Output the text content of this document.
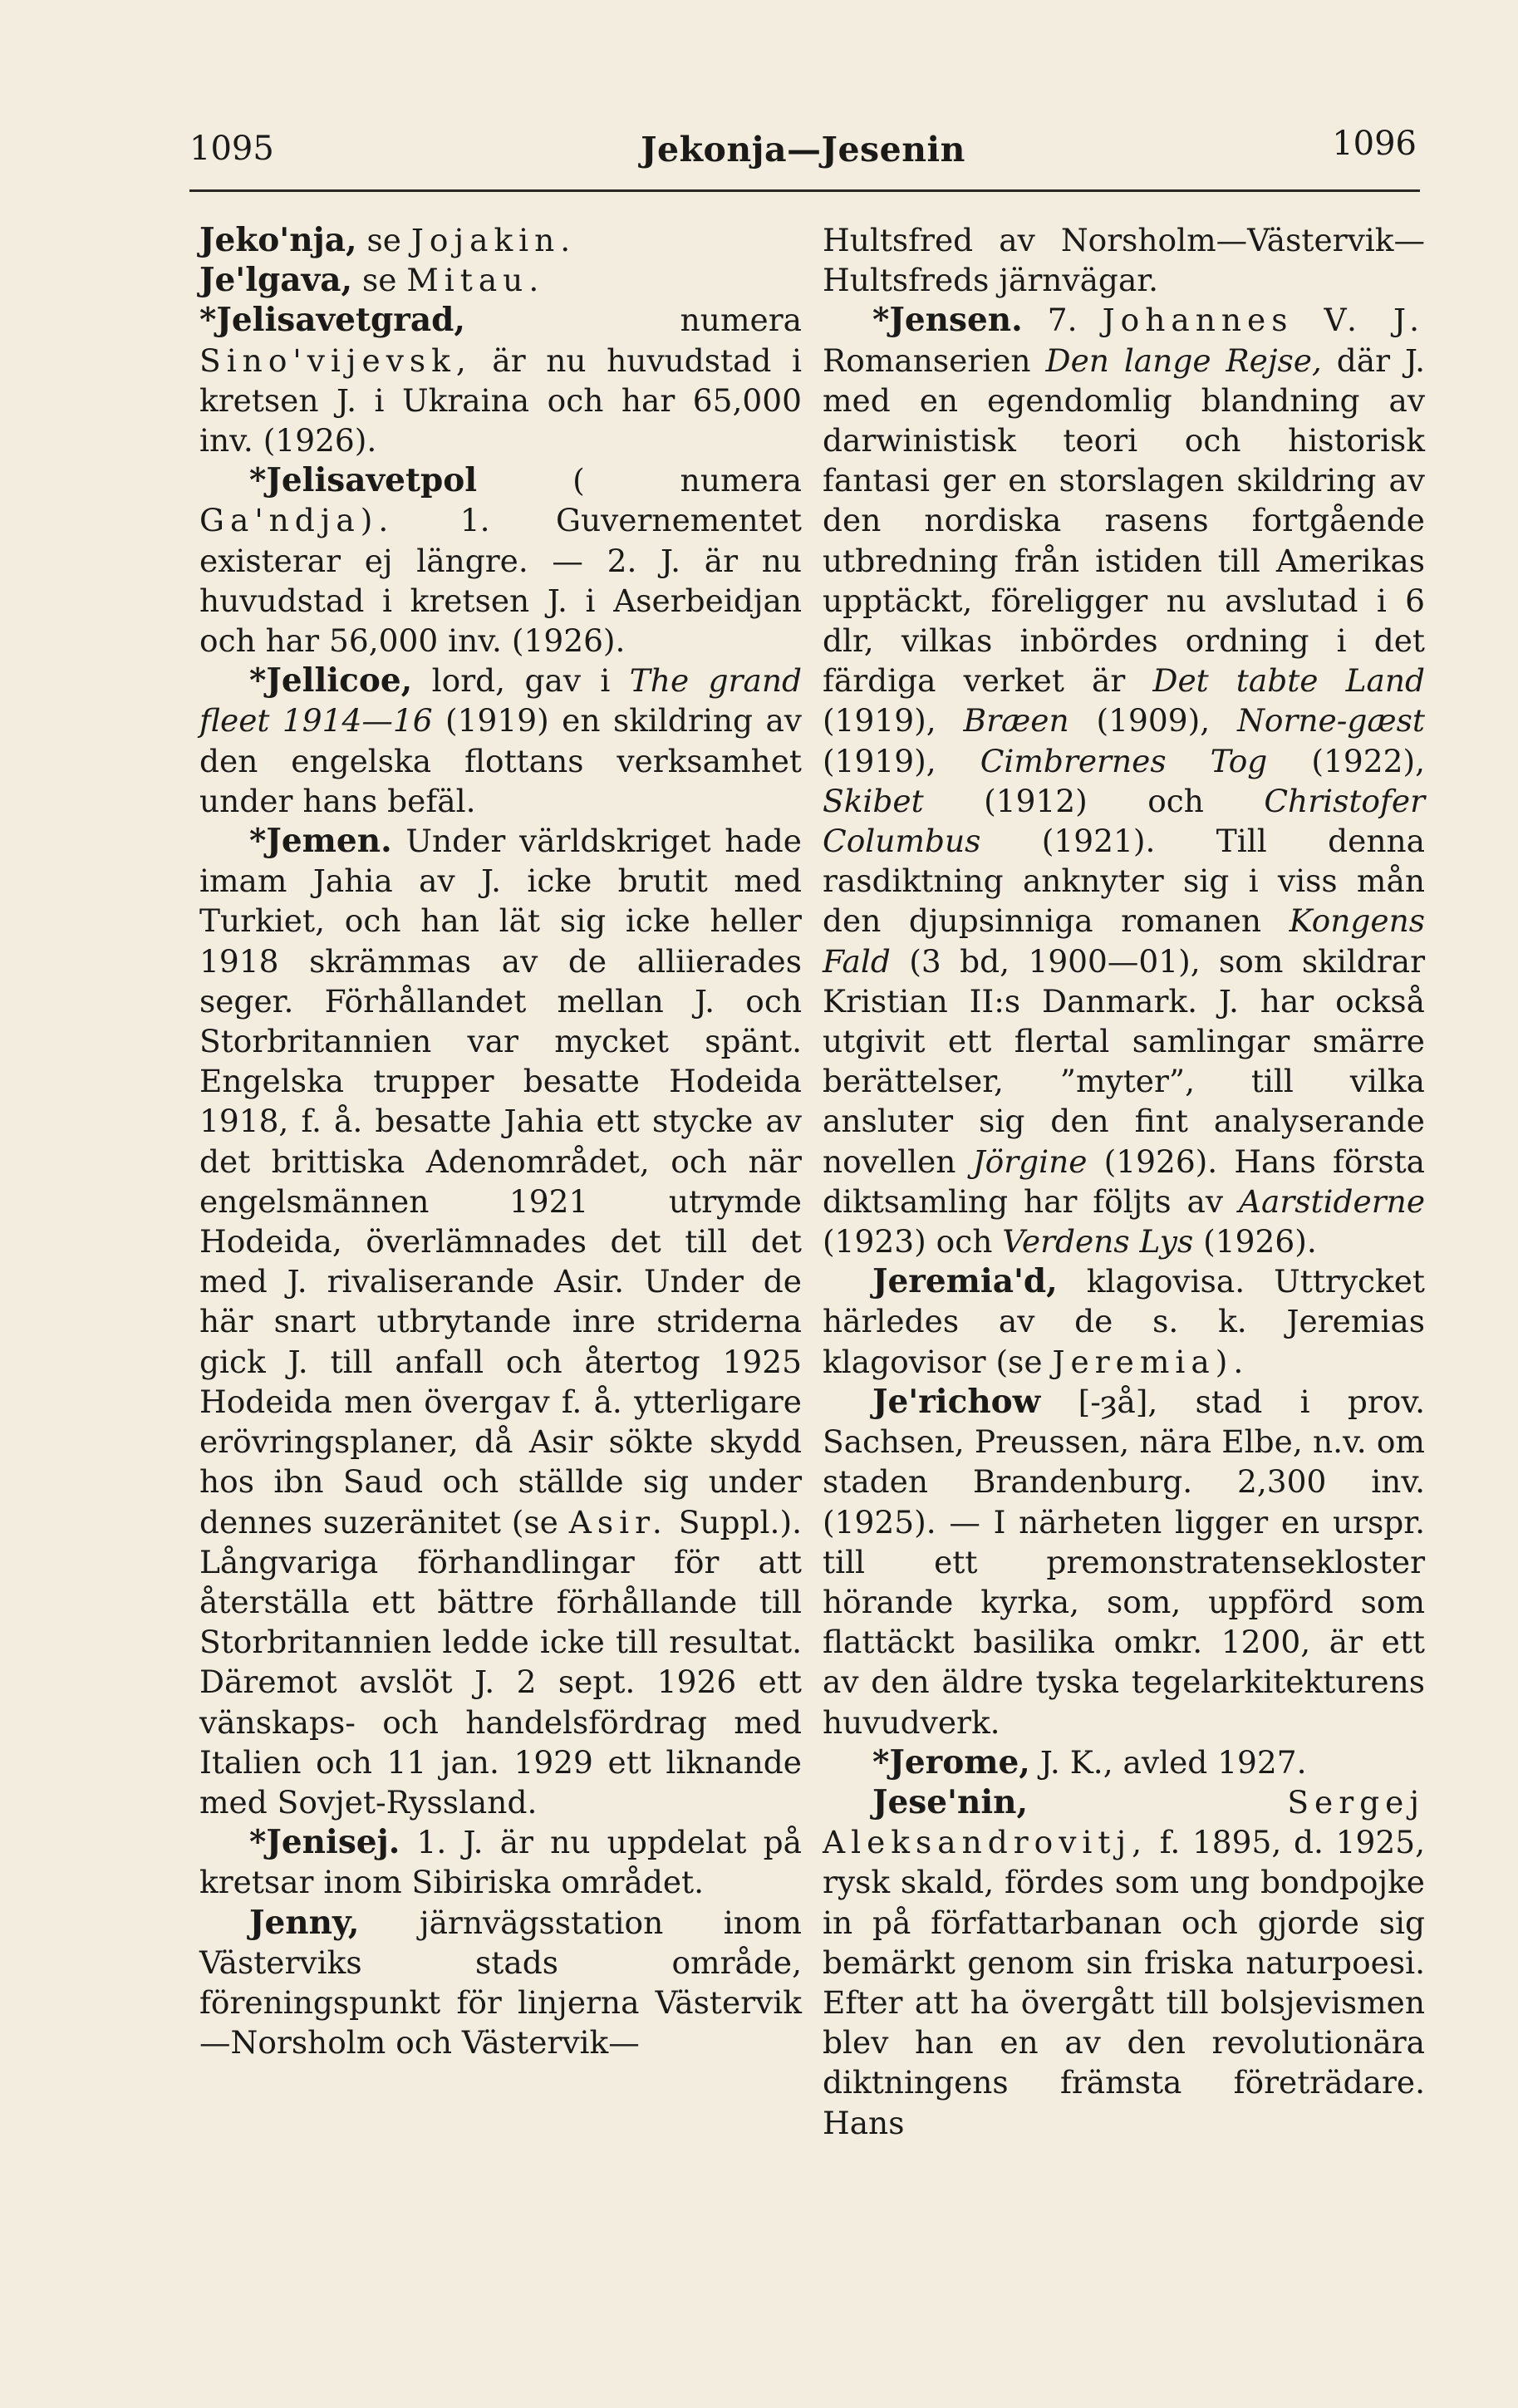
1095	Jekonja—Jesenin	1096

Jeko'nja, se Jojakin.

Je'lgava, se Mitau.

*Jelisavetgrad,	numera Sino'vijevsk, är nu huvudstad i kretsen J. i Ukraina och har 65,000 inv. (1926).

*Jelisavetpol	( numera Ga'ndja). 1. Guvernementet existerar ej längre. — 2. J. är nu huvudstad i kretsen J. i Aserbeidjan och har 56,000 inv. (1926).

*Jellicoe, lord, gav i The grand fleet 1914—16 (1919) en skildring av den engelska flottans verksamhet under hans befäl.

*Jemen. Under världskriget hade imam Jahia av J. icke brutit med Turkiet, och han lät sig icke heller 1918 skrämmas av de alliierades seger. Förhållandet mellan J. och Storbritannien var mycket spänt. Engelska trupper besatte Hodeida 1918, f. å. besatte Jahia ett stycke av det brittiska Adenområdet, och när engelsmännen 1921 utrymde Hodeida, överlämnades det till det med J. rivaliserande Asir. Under de här snart utbrytande inre striderna gick J. till anfall och återtog 1925 Hodeida men övergav f. å. ytterligare erövringsplaner, då Asir sökte skydd hos ibn Saud och ställde sig under dennes suzeränitet (se Asir. Suppl.). Långvariga förhandlingar för att återställa ett bättre förhållande till Storbritannien ledde icke till resultat. Däremot avslöt J. 2 sept. 1926 ett vänskaps- och handelsfördrag med Italien och 11 jan. 1929 ett liknande med Sovjet-Ryssland.

*Jenisej. 1. J. är nu uppdelat på kretsar inom Sibiriska området.

Jenny, järnvägsstation inom Västerviks stads område, föreningspunkt för linjerna Västervik—Norsholm och Västervik—

Hultsfred av Norsholm—Västervik—Hultsfreds järnvägar.

*Jensen. 7. Johannes V. J. Romanserien Den lange Rejse, där J. med en egendomlig blandning av darwinistisk teori och historisk fantasi ger en storslagen skildring av den nordiska rasens fortgående utbredning från istiden till Amerikas upptäckt, föreligger nu avslutad i 6 dlr, vilkas inbördes ordning i det färdiga verket är Det tabte Land (1919), Bræen (1909), Norne-gæst (1919), Cimbrernes Tog (1922), Skibet (1912) och Christofer Columbus (1921). Till denna rasdiktning anknyter sig i viss mån den djupsinniga romanen Kongens Fald (3 bd, 1900—01), som skildrar Kristian II:s Danmark. J. har också utgivit ett flertal samlingar smärre berättelser, ”myter”, till vilka ansluter sig den fint analyserande novellen Jörgine (1926). Hans första diktsamling har följts av Aarstiderne (1923) och Verdens Lys (1926).

Jeremia'd, klagovisa. Uttrycket härledes av de s. k. Jeremias klagovisor (se Jeremia).

Je'richow [-ȝå], stad i prov. Sachsen, Preussen, nära Elbe, n.v. om staden Brandenburg. 2,300 inv. (1925). — I närheten ligger en urspr. till ett premonstratensekloster hörande kyrka, som, uppförd som flattäckt basilika omkr. 1200, är ett av den äldre tyska tegelarkitekturens huvudverk.

*Jerome, J. K., avled 1927.

Jese'nin,	Sergej Aleksandrovitj, f. 1895, d. 1925, rysk skald, fördes som ung bondpojke in på författarbanan och gjorde sig bemärkt genom sin friska naturpoesi. Efter att ha övergått till bolsjevismen blev han en av den revolutionära diktningens främsta företrädare. Hans
